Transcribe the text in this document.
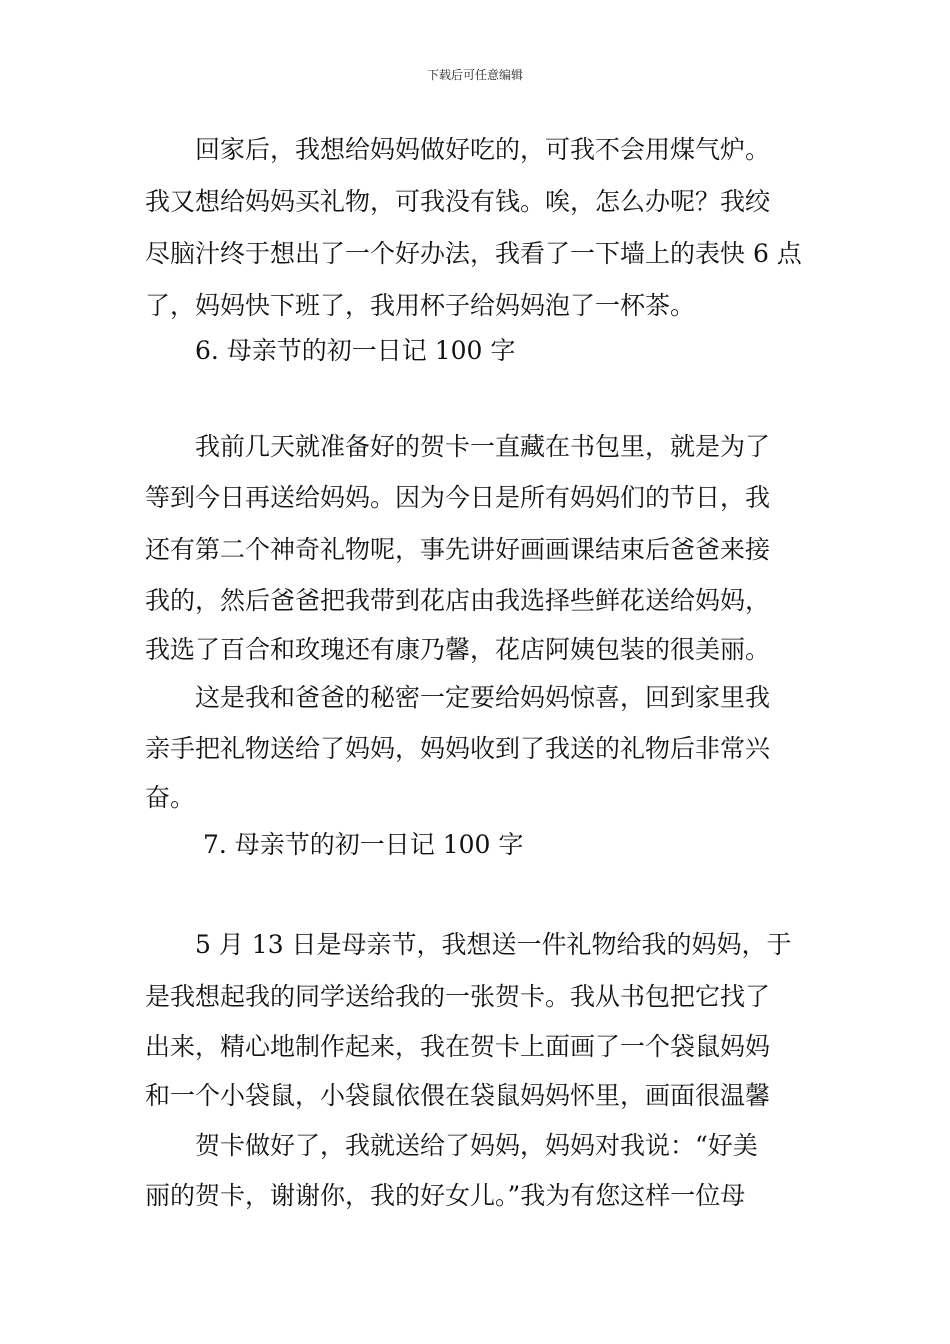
下载后可任意编辑
　　回家后，我想给妈妈做好吃的，可我不会用煤气炉。
我又想给妈妈买礼物，可我没有钱。唉，怎么办呢？我绞
尽脑汁终于想出了一个好办法，我看了一下墙上的表快 6 点
了，妈妈快下班了，我用杯子给妈妈泡了一杯茶。
　　6. 母亲节的初一日记 100 字
　　我前几天就准备好的贺卡一直藏在书包里，就是为了
等到今日再送给妈妈。因为今日是所有妈妈们的节日，我
还有第二个神奇礼物呢，事先讲好画画课结束后爸爸来接
我的，然后爸爸把我带到花店由我选择些鲜花送给妈妈，
我选了百合和玫瑰还有康乃馨，花店阿姨包装的很美丽。
　　这是我和爸爸的秘密一定要给妈妈惊喜，回到家里我
亲手把礼物送给了妈妈，妈妈收到了我送的礼物后非常兴
奋。
　　 7. 母亲节的初一日记 100 字
　　5 月 13 日是母亲节，我想送一件礼物给我的妈妈，于
是我想起我的同学送给我的一张贺卡。我从书包把它找了
出来，精心地制作起来，我在贺卡上面画了一个袋鼠妈妈
和一个小袋鼠，小袋鼠依偎在袋鼠妈妈怀里，画面很温馨
　　贺卡做好了，我就送给了妈妈，妈妈对我说：“好美
丽的贺卡，谢谢你，我的好女儿。”我为有您这样一位母
